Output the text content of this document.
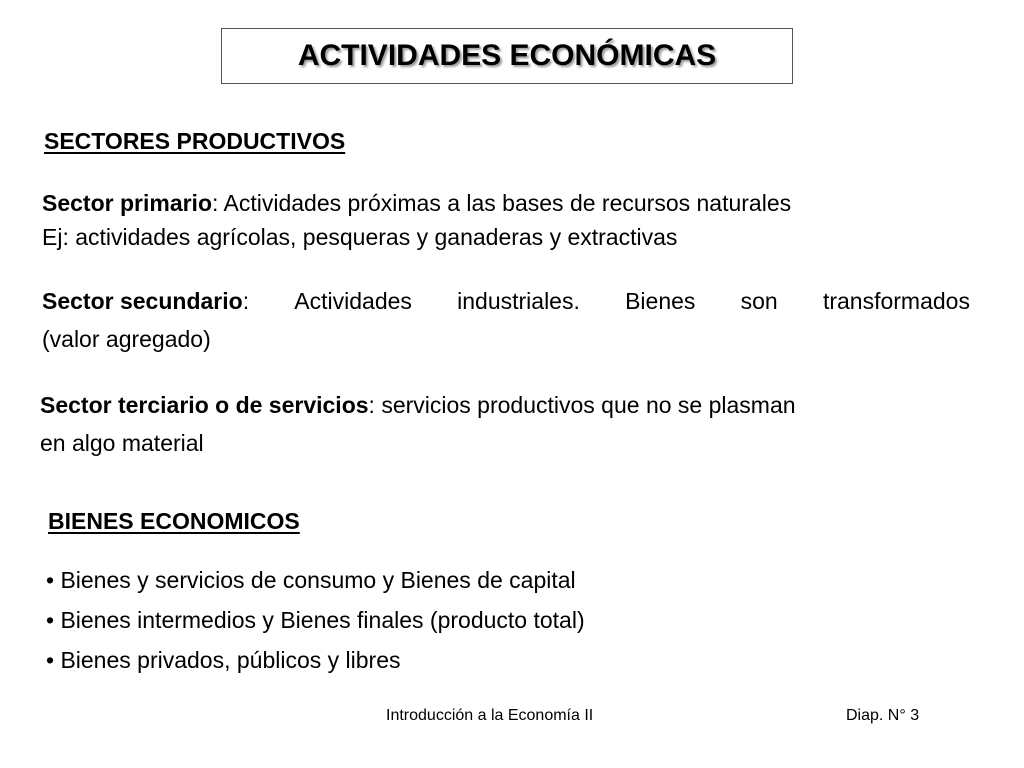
ACTIVIDADES ECONÓMICAS
SECTORES PRODUCTIVOS
Sector primario: Actividades próximas a las bases de recursos naturales
Ej: actividades agrícolas, pesqueras y ganaderas y extractivas
Sector secundario: Actividades industriales. Bienes son transformados
(valor agregado)
Sector terciario o de servicios: servicios productivos que no se plasman
en algo material
BIENES ECONOMICOS
• Bienes y servicios de consumo y Bienes de capital
• Bienes intermedios y Bienes finales (producto total)
• Bienes privados, públicos y libres
Introducción a la Economía II	Diap. N° 3
